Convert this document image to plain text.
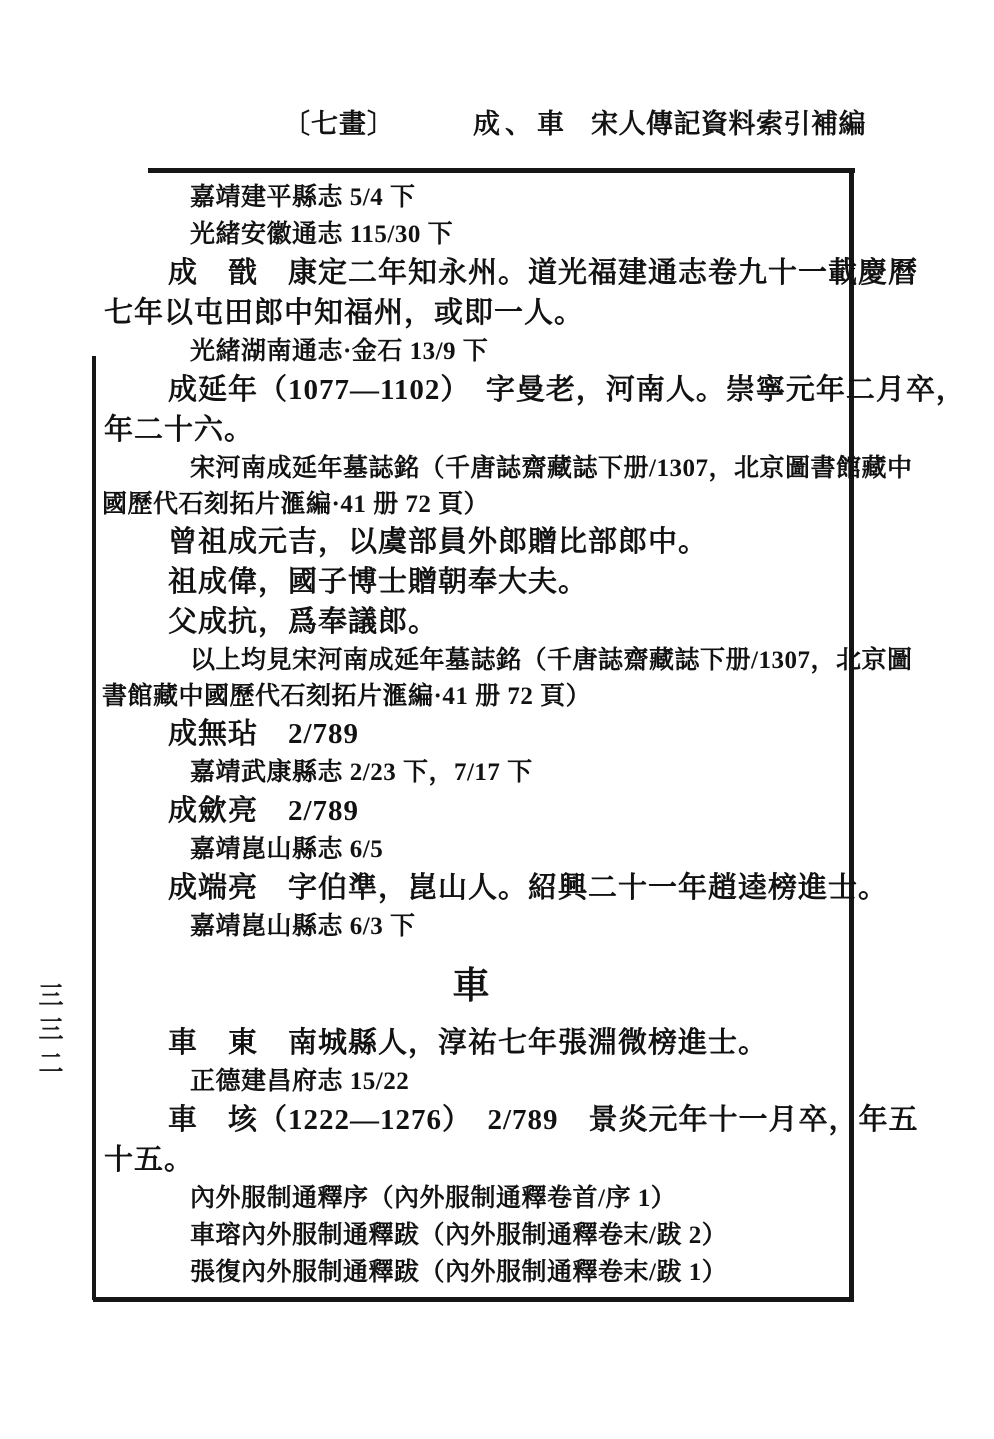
〔七畫〕	成、車 宋人傳記資料索引補編
三三二
嘉靖建平縣志 5/4 下
光緒安徽通志 115/30 下
成　戩　康定二年知永州。道光福建通志卷九十一載慶曆
七年以屯田郎中知福州，或即一人。
光緒湖南通志·金石 13/9 下
成延年（1077—1102）　字曼老，河南人。崇寧元年二月卒，
年二十六。
宋河南成延年墓誌銘（千唐誌齋藏誌下册/1307，北京圖書館藏中
國歷代石刻拓片滙編·41 册 72 頁）
曾祖成元吉，以虞部員外郎贈比部郎中。
祖成偉，國子博士贈朝奉大夫。
父成抗，爲奉議郎。
以上均見宋河南成延年墓誌銘（千唐誌齋藏誌下册/1307，北京圖
書館藏中國歷代石刻拓片滙編·41 册 72 頁）
成無玷　2/789
嘉靖武康縣志 2/23 下，7/17 下
成歛亮　2/789
嘉靖崑山縣志 6/5
成端亮　字伯準，崑山人。紹興二十一年趙逵榜進士。
嘉靖崑山縣志 6/3 下
車
車　東　南城縣人，淳祐七年張淵微榜進士。
正德建昌府志 15/22
車　垓（1222—1276）　2/789　景炎元年十一月卒，年五
十五。
內外服制通釋序（內外服制通釋卷首/序 1）
車瑢內外服制通釋跋（內外服制通釋卷末/跋 2）
張復內外服制通釋跋（內外服制通釋卷末/跋 1）
